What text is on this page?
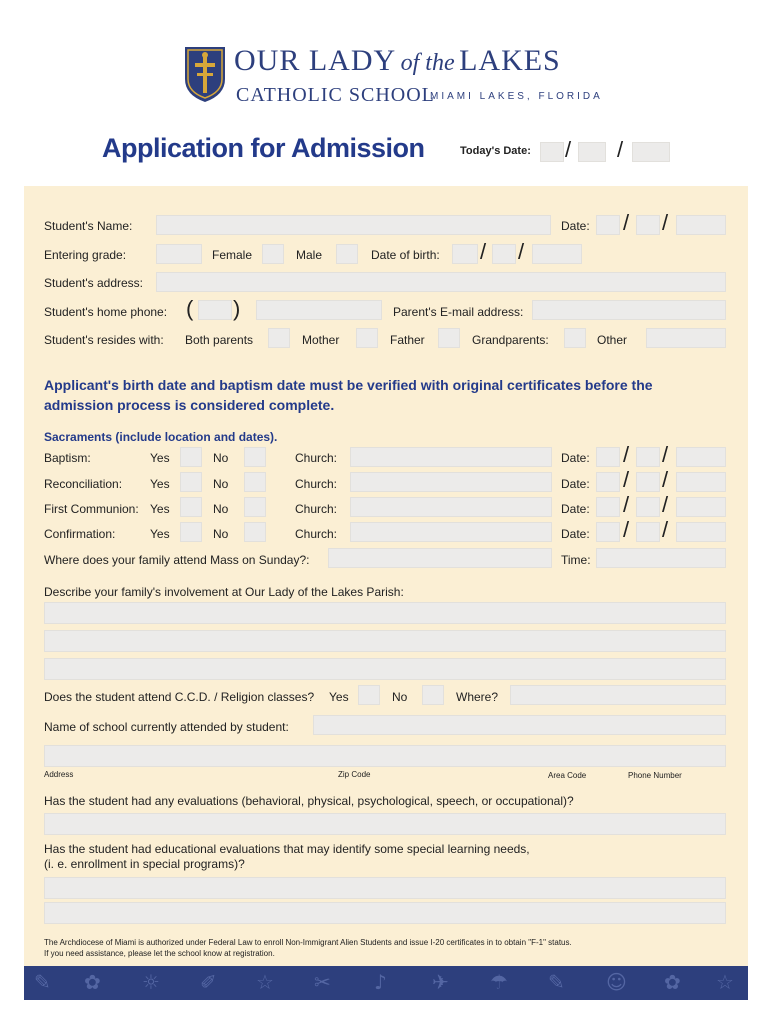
OUR LADY of the LAKES
CATHOLIC SCHOOL
MIAMI LAKES, FLORIDA
Application for Admission	Today's Date: / /
Student's Name:	Date: / /
Entering grade:	Female	Male	Date of birth: / /
Student's address:
Student's home phone: ( )	Parent's E-mail address:
Student's resides with: Both parents	Mother	Father	Grandparents:	Other
Applicant's birth date and baptism date must be verified with original certificates before the admission process is considered complete.
Sacraments (include location and dates).
Baptism:	Yes	No	Church:	Date: / /
Reconciliation: Yes	No	Church:	Date: / /
First Communion: Yes	No	Church:	Date: / /
Confirmation:	Yes	No	Church:	Date: / /
Where does your family attend Mass on Sunday?:	Time:
Describe your family's involvement at Our Lady of the Lakes Parish:
Does the student attend C.C.D. / Religion classes? Yes	No	Where?
Name of school currently attended by student:
Address	Zip Code	Area Code	Phone Number
Has the student had any evaluations (behavioral, physical, psychological, speech, or occupational)?
Has the student had educational evaluations that may identify some special learning needs,
(i. e. enrollment in special programs)?
The Archdiocese of Miami is authorized under Federal Law to enroll Non-Immigrant Alien Students and issue I-20 certificates in to obtain "F-1" status.
If you need assistance, please let the school know at registration.
✎ ✿ ☼ ✐ ☆ ✂ ♪ ✈ ☂ ✎ ☺ ✿ ☆
